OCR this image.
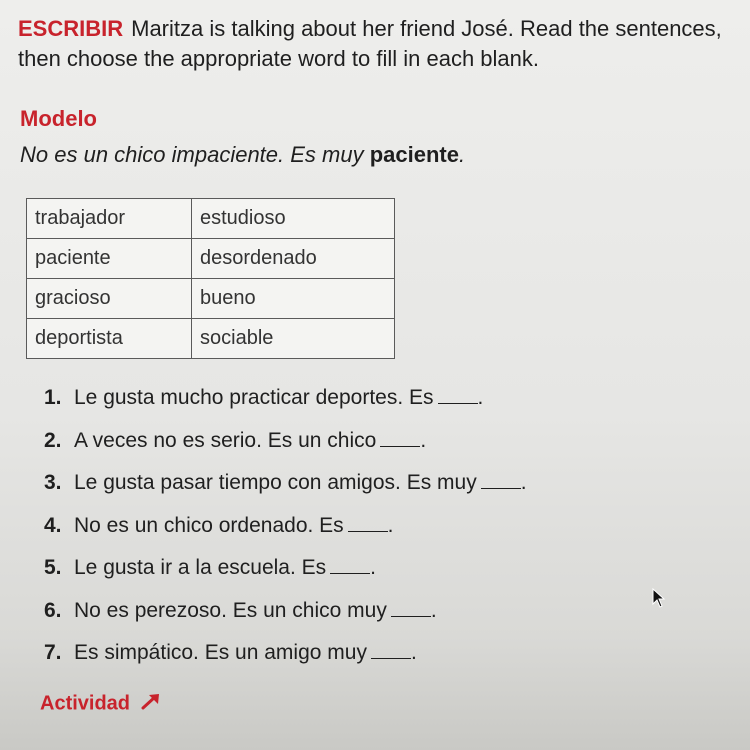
ESCRIBIR Maritza is talking about her friend José. Read the sentences, then choose the appropriate word to fill in each blank.
Modelo
No es un chico impaciente. Es muy paciente.
trabajador	estudioso
paciente	desordenado
gracioso	bueno
deportista	sociable
1. Le gusta mucho practicar deportes. Es .
2. A veces no es serio. Es un chico .
3. Le gusta pasar tiempo con amigos. Es muy .
4. No es un chico ordenado. Es .
5. Le gusta ir a la escuela. Es .
6. No es perezoso. Es un chico muy .
7. Es simpático. Es un amigo muy .
Actividad
